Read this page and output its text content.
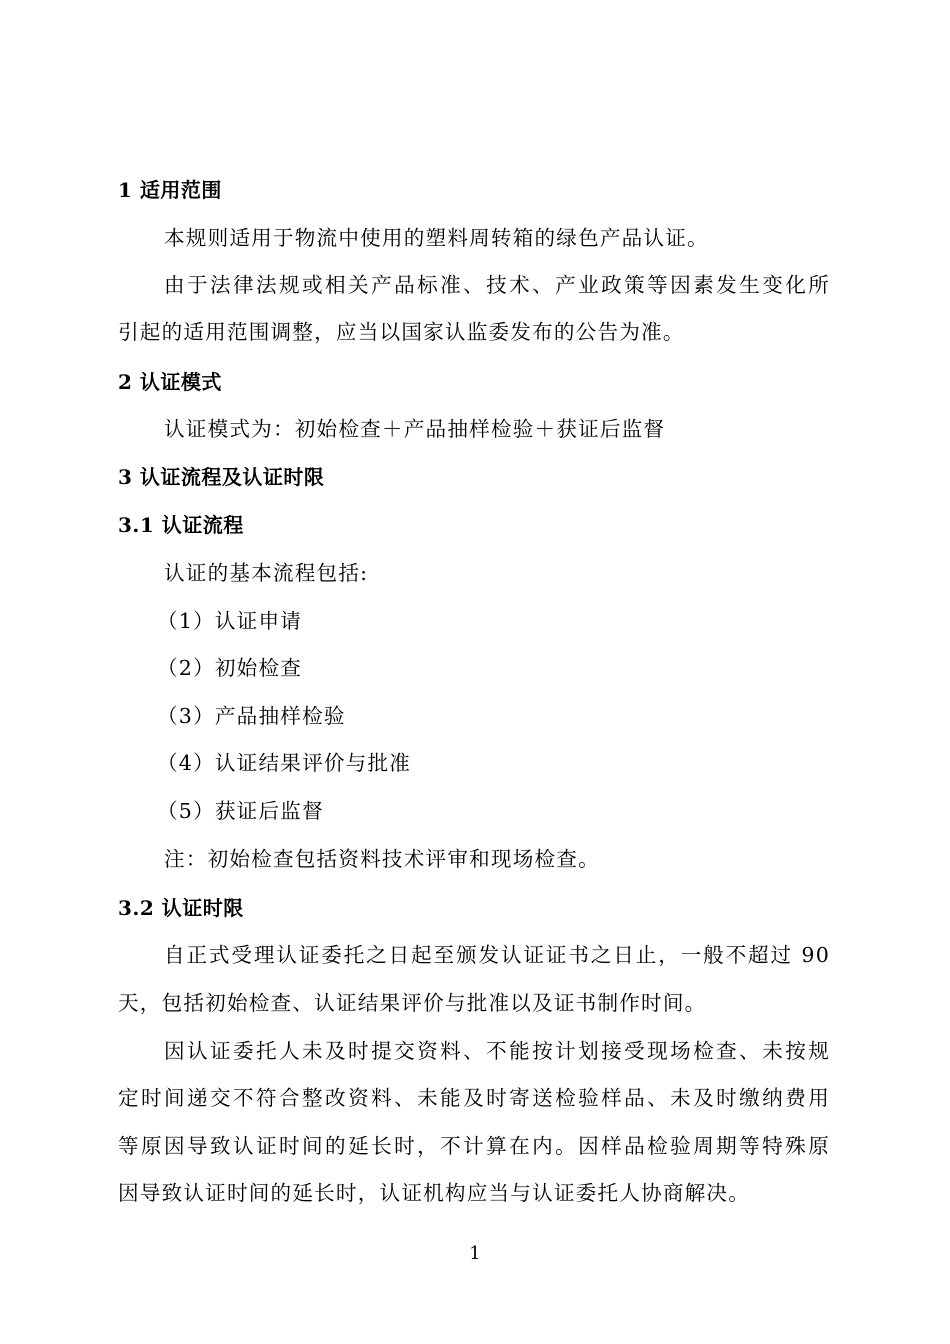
1 适用范围
本规则适用于物流中使用的塑料周转箱的绿色产品认证。
由于法律法规或相关产品标准、技术、产业政策等因素发生变化所
引起的适用范围调整，应当以国家认监委发布的公告为准。
2 认证模式
认证模式为：初始检查＋产品抽样检验＋获证后监督
3 认证流程及认证时限
3.1 认证流程
认证的基本流程包括:
（1）认证申请
（2）初始检查
（3）产品抽样检验
（4）认证结果评价与批准
（5）获证后监督
注：初始检查包括资料技术评审和现场检查。
3.2 认证时限
自正式受理认证委托之日起至颁发认证证书之日止，一般不超过 90
天，包括初始检查、认证结果评价与批准以及证书制作时间。
因认证委托人未及时提交资料、不能按计划接受现场检查、未按规
定时间递交不符合整改资料、未能及时寄送检验样品、未及时缴纳费用
等原因导致认证时间的延长时，不计算在内。因样品检验周期等特殊原
因导致认证时间的延长时，认证机构应当与认证委托人协商解决。
1
